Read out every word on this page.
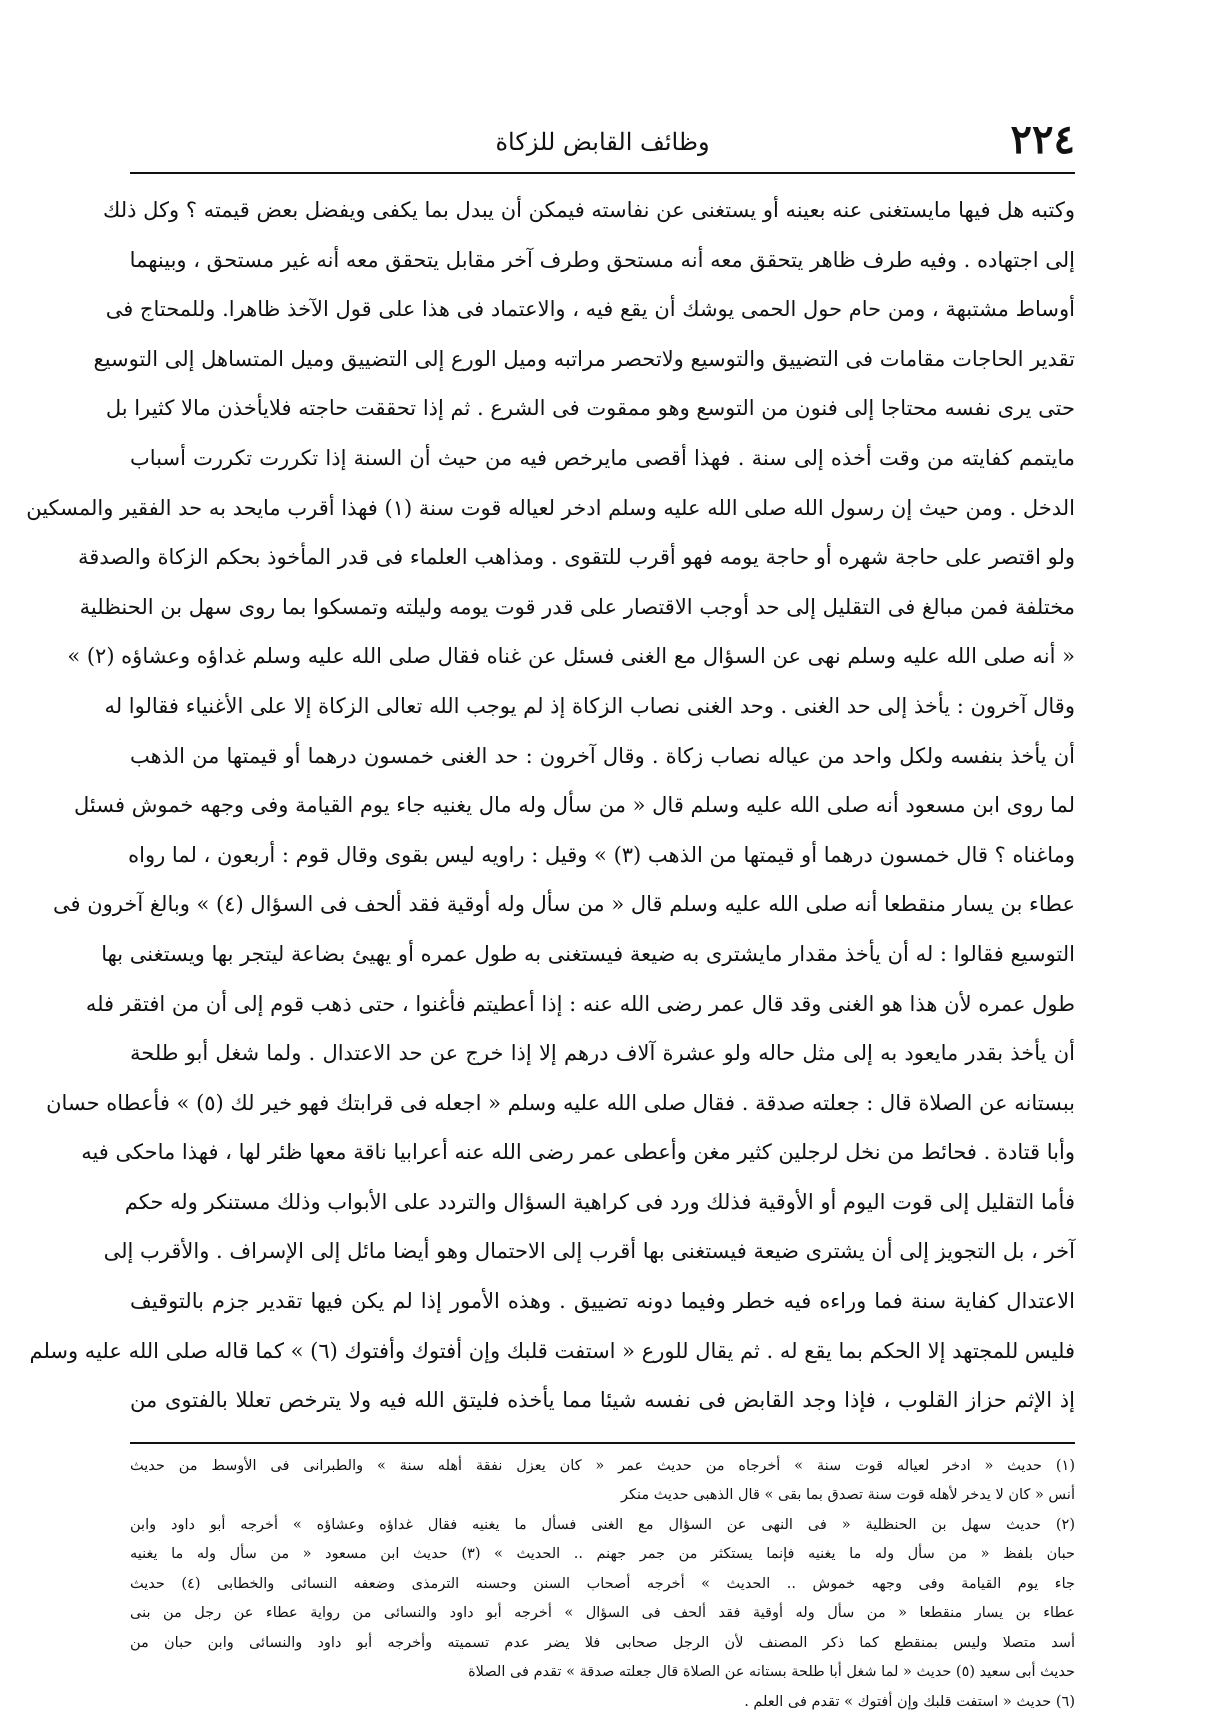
٢٢٤
وظائف القابض للزكاة
وكتبه هل فيها مايستغنى عنه بعينه أو يستغنى عن نفاسته فيمكن أن يبدل بما يكفى ويفضل بعض قيمته ؟ وكل ذلك
إلى اجتهاده . وفيه طرف ظاهر يتحقق معه أنه مستحق وطرف آخر مقابل يتحقق معه أنه غير مستحق ، وبينهما
أوساط مشتبهة ، ومن حام حول الحمى يوشك أن يقع فيه ، والاعتماد فى هذا على قول الآخذ ظاهرا. وللمحتاج فى
تقدير الحاجات مقامات فى التضييق والتوسيع ولاتحصر مراتبه وميل الورع إلى التضييق وميل المتساهل إلى التوسيع
حتى يرى نفسه محتاجا إلى فنون من التوسع وهو ممقوت فى الشرع . ثم إذا تحققت حاجته فلايأخذن مالا كثيرا بل
مايتمم كفايته من وقت أخذه إلى سنة . فهذا أقصى مايرخص فيه من حيث أن السنة إذا تكررت تكررت أسباب
الدخل . ومن حيث إن رسول الله صلى الله عليه وسلم ادخر لعياله قوت سنة (١) فهذا أقرب مايحد به حد الفقير والمسكين
ولو اقتصر على حاجة شهره أو حاجة يومه فهو أقرب للتقوى . ومذاهب العلماء فى قدر المأخوذ بحكم الزكاة والصدقة
مختلفة فمن مبالغ فى التقليل إلى حد أوجب الاقتصار على قدر قوت يومه وليلته وتمسكوا بما روى سهل بن الحنظلية
« أنه صلى الله عليه وسلم نهى عن السؤال مع الغنى فسئل عن غناه فقال صلى الله عليه وسلم غداؤه وعشاؤه (٢) »
وقال آخرون : يأخذ إلى حد الغنى . وحد الغنى نصاب الزكاة إذ لم يوجب الله تعالى الزكاة إلا على الأغنياء فقالوا له
أن يأخذ بنفسه ولكل واحد من عياله نصاب زكاة . وقال آخرون : حد الغنى خمسون درهما أو قيمتها من الذهب
لما روى ابن مسعود أنه صلى الله عليه وسلم قال « من سأل وله مال يغنيه جاء يوم القيامة وفى وجهه خموش فسئل
وماغناه ؟ قال خمسون درهما أو قيمتها من الذهب (٣) » وقيل : راويه ليس بقوى وقال قوم : أربعون ، لما رواه
عطاء بن يسار منقطعا أنه صلى الله عليه وسلم قال « من سأل وله أوقية فقد ألحف فى السؤال (٤) » وبالغ آخرون فى
التوسيع فقالوا : له أن يأخذ مقدار مايشترى به ضيعة فيستغنى به طول عمره أو يهيئ بضاعة ليتجر بها ويستغنى بها
طول عمره لأن هذا هو الغنى وقد قال عمر رضى الله عنه : إذا أعطيتم فأغنوا ، حتى ذهب قوم إلى أن من افتقر فله
أن يأخذ بقدر مايعود به إلى مثل حاله ولو عشرة آلاف درهم إلا إذا خرج عن حد الاعتدال . ولما شغل أبو طلحة
ببستانه عن الصلاة قال : جعلته صدقة . فقال صلى الله عليه وسلم « اجعله فى قرابتك فهو خير لك (٥) » فأعطاه حسان
وأبا قتادة . فحائط من نخل لرجلين كثير مغن وأعطى عمر رضى الله عنه أعرابيا ناقة معها ظئر لها ، فهذا ماحكى فيه
فأما التقليل إلى قوت اليوم أو الأوقية فذلك ورد فى كراهية السؤال والتردد على الأبواب وذلك مستنكر وله حكم
آخر ، بل التجويز إلى أن يشترى ضيعة فيستغنى بها أقرب إلى الاحتمال وهو أيضا مائل إلى الإسراف . والأقرب إلى
الاعتدال كفاية سنة فما وراءه فيه خطر وفيما دونه تضييق . وهذه الأمور إذا لم يكن فيها تقدير جزم بالتوقيف
فليس للمجتهد إلا الحكم بما يقع له . ثم يقال للورع « استفت قلبك وإن أفتوك وأفتوك (٦) » كما قاله صلى الله عليه وسلم
إذ الإثم حزاز القلوب ، فإذا وجد القابض فى نفسه شيئا مما يأخذه فليتق الله فيه ولا يترخص تعللا بالفتوى من
(١) حديث « ادخر لعياله قوت سنة » أخرجاه من حديث عمر « كان يعزل نفقة أهله سنة » والطبرانى فى الأوسط من حديث
أنس « كان لا يدخر لأهله قوت سنة تصدق بما بقى » قال الذهبى حديث منكر
(٢) حديث سهل بن الحنظلية « فى النهى عن السؤال مع الغنى فسأل ما يغنيه فقال غداؤه وعشاؤه » أخرجه أبو داود وابن
حبان بلفظ « من سأل وله ما يغنيه فإنما يستكثر من جمر جهنم .. الحديث » (٣) حديث ابن مسعود « من سأل وله ما يغنيه
جاء يوم القيامة وفى وجهه خموش .. الحديث » أخرجه أصحاب السنن وحسنه الترمذى وضعفه النسائى والخطابى (٤) حديث
عطاء بن يسار منقطعا « من سأل وله أوقية فقد ألحف فى السؤال » أخرجه أبو داود والنسائى من رواية عطاء عن رجل من بنى
أسد متصلا وليس بمنقطع كما ذكر المصنف لأن الرجل صحابى فلا يضر عدم تسميته وأخرجه أبو داود والنسائى وابن حبان من
حديث أبى سعيد (٥) حديث « لما شغل أبا طلحة بستانه عن الصلاة قال جعلته صدقة » تقدم فى الصلاة
(٦) حديث « استفت قلبك وإن أفتوك » تقدم فى العلم .
